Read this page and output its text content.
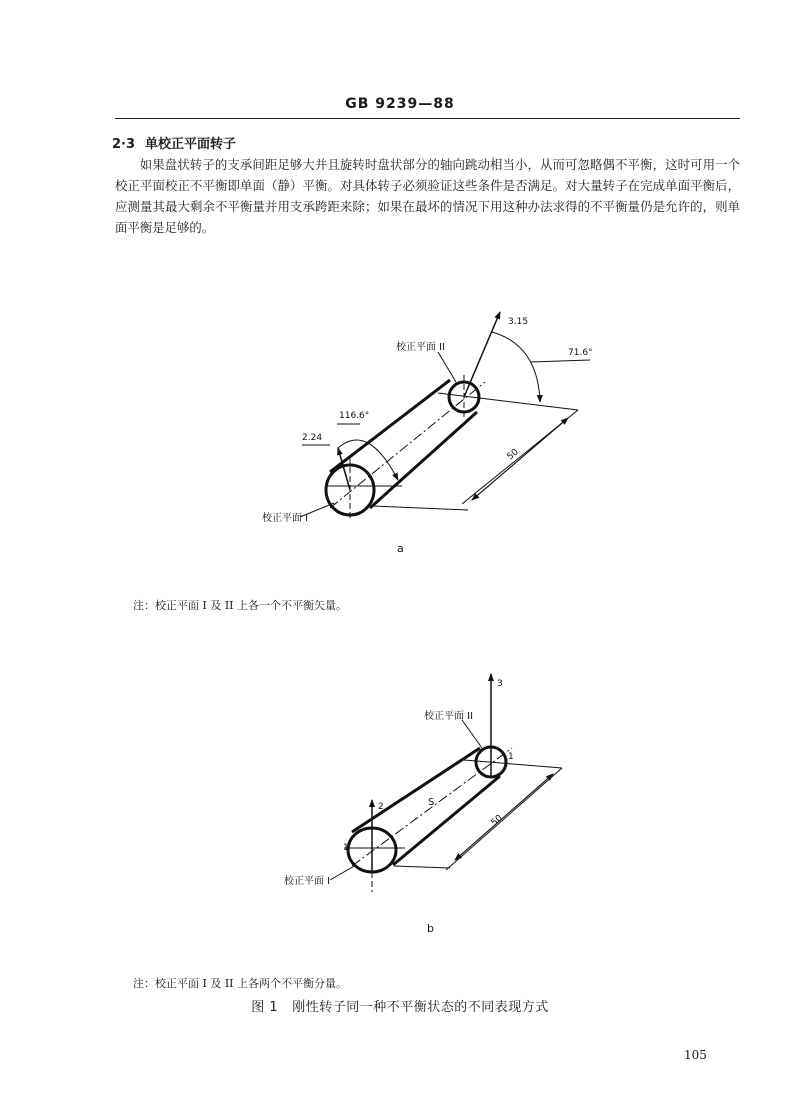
GB 9239—88
2·3 单校正平面转子
如果盘状转子的支承间距足够大并且旋转时盘状部分的轴向跳动相当小，从而可忽略偶不平衡，这时可用一个校正平面校正不平衡即单面（静）平衡。对具体转子必须验证这些条件是否满足。对大量转子在完成单面平衡后，应测量其最大剩余不平衡量并用支承跨距来除；如果在最坏的情况下用这种办法求得的不平衡量仍是允许的，则单面平衡是足够的。
校正平面 I
校正平面 II
3.15
71.6°
116.6°
2.24
50
a
注：校正平面 I 及 II 上各一个不平衡矢量。
校正平面 I
校正平面 II
1
2
3
1
S
50
b
注：校正平面 I 及 II 上各两个不平衡分量。
图 1 刚性转子同一种不平衡状态的不同表现方式
105
